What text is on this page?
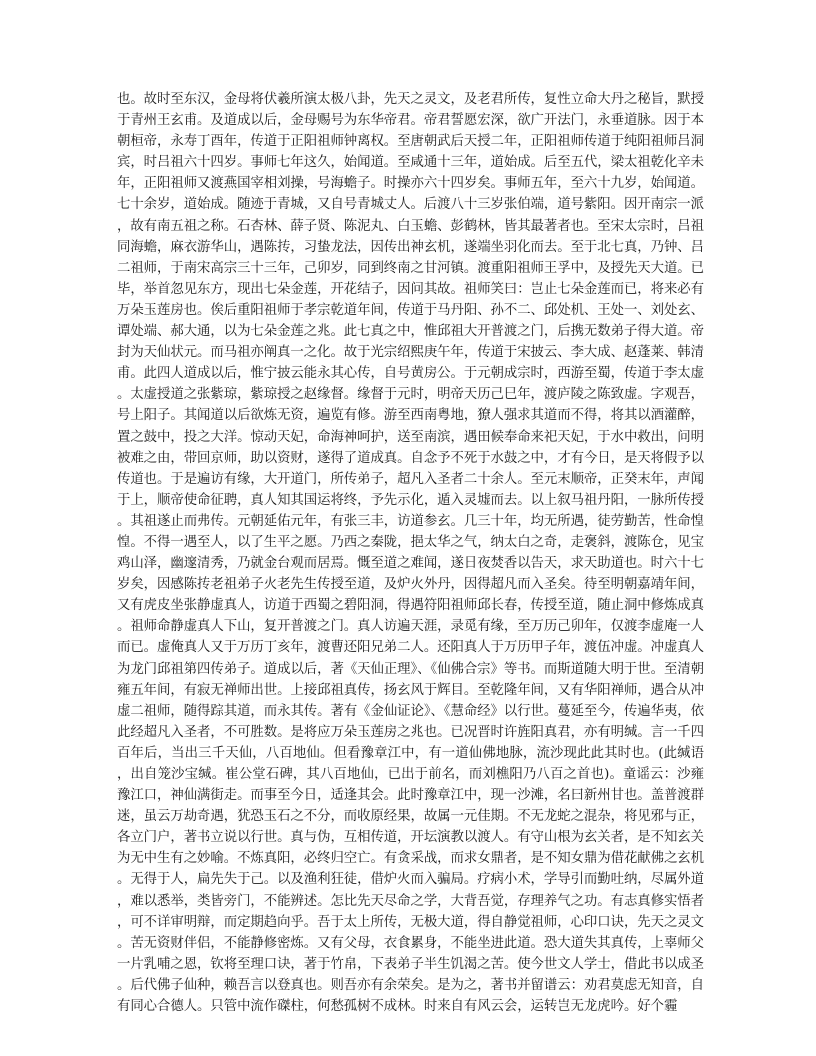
也。故时至东汉，金母将伏羲所演太极八卦，先天之灵文，及老君所传，复性立命大丹之秘旨，默授于青州王玄甫。及道成以后，金母赐号为东华帝君。帝君誓愿宏深，欲广开法门，永垂道脉。因于本朝桓帝，永寿丁酉年，传道于正阳祖师钟离权。至唐朝武后天授二年，正阳祖师传道于纯阳祖师吕洞宾，时吕祖六十四岁。事师七年这久，始闻道。至咸通十三年，道始成。后至五代，梁太祖乾化辛未年，正阳祖师又渡燕国宰相刘操，号海蟾子。时操亦六十四岁矣。事师五年，至六十九岁，始闻道。七十余岁，道始成。随迹于青城，又自号青城丈人。后渡八十三岁张伯端，道号紫阳。因开南宗一派，故有南五祖之称。石杏林、薛子贤、陈泥丸、白玉蟾、彭鹤林，皆其最著者也。至宋太宗时，吕祖同海蟾，麻衣游华山，遇陈抟，习蛰龙法，因传出神玄机，遂端坐羽化而去。至于北七真，乃钟、吕二祖师，于南宋高宗三十三年，己卯岁，同到终南之甘河镇。渡重阳祖师王孚中，及授先天大道。已毕，举首忽见东方，现出七朵金莲，开花结子，因问其故。祖师笑曰：岂止七朵金莲而已，将来必有万朵玉莲房也。俟后重阳祖师于孝宗乾道年间，传道于马丹阳、孙不二、邱处机、王处一、刘处玄、谭处端、郝大通，以为七朵金莲之兆。此七真之中，惟邱祖大开普渡之门，后携无数弟子得大道。帝封为天仙状元。而马祖亦阐真一之化。故于光宗绍熙庚午年，传道于宋披云、李大成、赵蓬莱、韩清甫。此四人道成以后，惟宁披云能永其心传，自号黄房公。于元朝成宗时，西游至蜀，传道于李太虚。太虚授道之张紫琼，紫琼授之赵缘督。缘督于元时，明帝天历己巳年，渡庐陵之陈致虚。字观吾，号上阳子。其闻道以后欲炼无资，遍览有修。游至西南粤地，獠人强求其道而不得，将其以酒灌醉，置之鼓中，投之大洋。惊动天妃，命海神呵护，送至南滨，遇田候奉命来祀天妃，于水中救出，问明被难之由，带回京师，助以资财，遂得了道成真。自念予不死于水鼓之中，才有今日，是天将假予以传道也。于是遍访有缘，大开道门，所传弟子，超凡入圣者二十余人。至元末顺帝，正癸末年，声闻于上，顺帝使命征聘，真人知其国运将终，予先示化，遁入灵墟而去。以上叙马祖丹阳，一脉所传授。其祖遂止而弗传。元朝延佑元年，有张三丰，访道参玄。几三十年，均无所遇，徒劳勤苦，性命惶惶。不得一遇至人，以了生平之愿。乃西之秦陇，挹太华之气，纳太白之奇，走褒斜，渡陈仓，见宝鸡山泽，幽邃清秀，乃就金台观而居焉。慨至道之难闻，遂日夜焚香以告天，求天助道也。时六十七岁矣，因感陈抟老祖弟子火老先生传授至道，及炉火外丹，因得超凡而入圣矣。待至明朝嘉靖年间，又有虎皮坐张静虚真人，访道于西蜀之碧阳洞，得遇符阳祖师邱长春，传授至道，随止洞中修炼成真。祖师命静虚真人下山，复开普渡之门。真人访遍天涯，录觅有缘，至万历己卯年，仅渡李虚庵一人而已。虚俺真人又于万历丁亥年，渡曹还阳兄弟二人。还阳真人于万历甲子年，渡伍冲虚。冲虚真人为龙门邱祖第四传弟子。道成以后，著《天仙正理》、《仙佛合宗》等书。而斯道随大明于世。至清朝雍五年间，有寂无禅师出世。上接邱祖真传，扬玄风于辉目。至乾隆年间，又有华阳禅师，遇合从冲虚二祖师，随得踪其道，而永其传。著有《金仙证论》、《慧命经》以行世。蔓延至今，传遍华夷，依此经超凡入圣者，不可胜数。是将应万朵玉莲房之兆也。已况晋时许旌阳真君，亦有明缄。言一千四百年后，当出三千天仙，八百地仙。但看豫章江中，有一道仙佛地脉，流沙现此此其时也。(此缄语，出自笼沙宝缄。崔公堂石碑，其八百地仙，已出于前名，而刘樵阳乃八百之首也)。童谣云：沙雍豫江口，神仙满街走。而事至今日，适逢其会。此时豫章江中，现一沙滩，名曰新州甘也。盖普渡群迷，虽云万劫奇遇，犹恐玉石之不分，而收原经果，故属一元佳期。不无龙蛇之混杂，将见邪与正，各立门户，著书立说以行世。真与伪，互相传道，开坛演教以渡人。有守山根为玄关者，是不知玄关为无中生有之妙喻。不炼真阳，必终归空亡。有贪采战，而求女鼎者，是不知女鼎为借花献佛之玄机。无得于人，扁先失于己。以及渔利狂徒，借炉火而入骗局。疗病小术，学导引而勤吐纳，尽属外道，难以悉举，类皆旁门，不能辨述。怎比先天尽命之学，大背吾觉，存理养气之功。有志真修实悟者，可不详审明辩，而定期趋向乎。吾于太上所传，无极大道，得自静觉祖师，心印口诀，先天之灵文。苦无资财伴侣，不能静修密炼。又有父母，衣食累身，不能坐进此道。恐大道失其真传，上辜师父一片乳哺之恩，钦将至理口诀，著于竹帛，下表弟子半生饥渴之苦。使今世文人学士，借此书以成圣。后代佛子仙种，赖吾言以登真也。则吾亦有余荣矣。是为之，著书并留谱云：劝君莫虑无知音，自有同心合德人。只管中流作磔柱，何愁孤树不成林。时来自有风云会，运转岂无龙虎吟。好个霾
